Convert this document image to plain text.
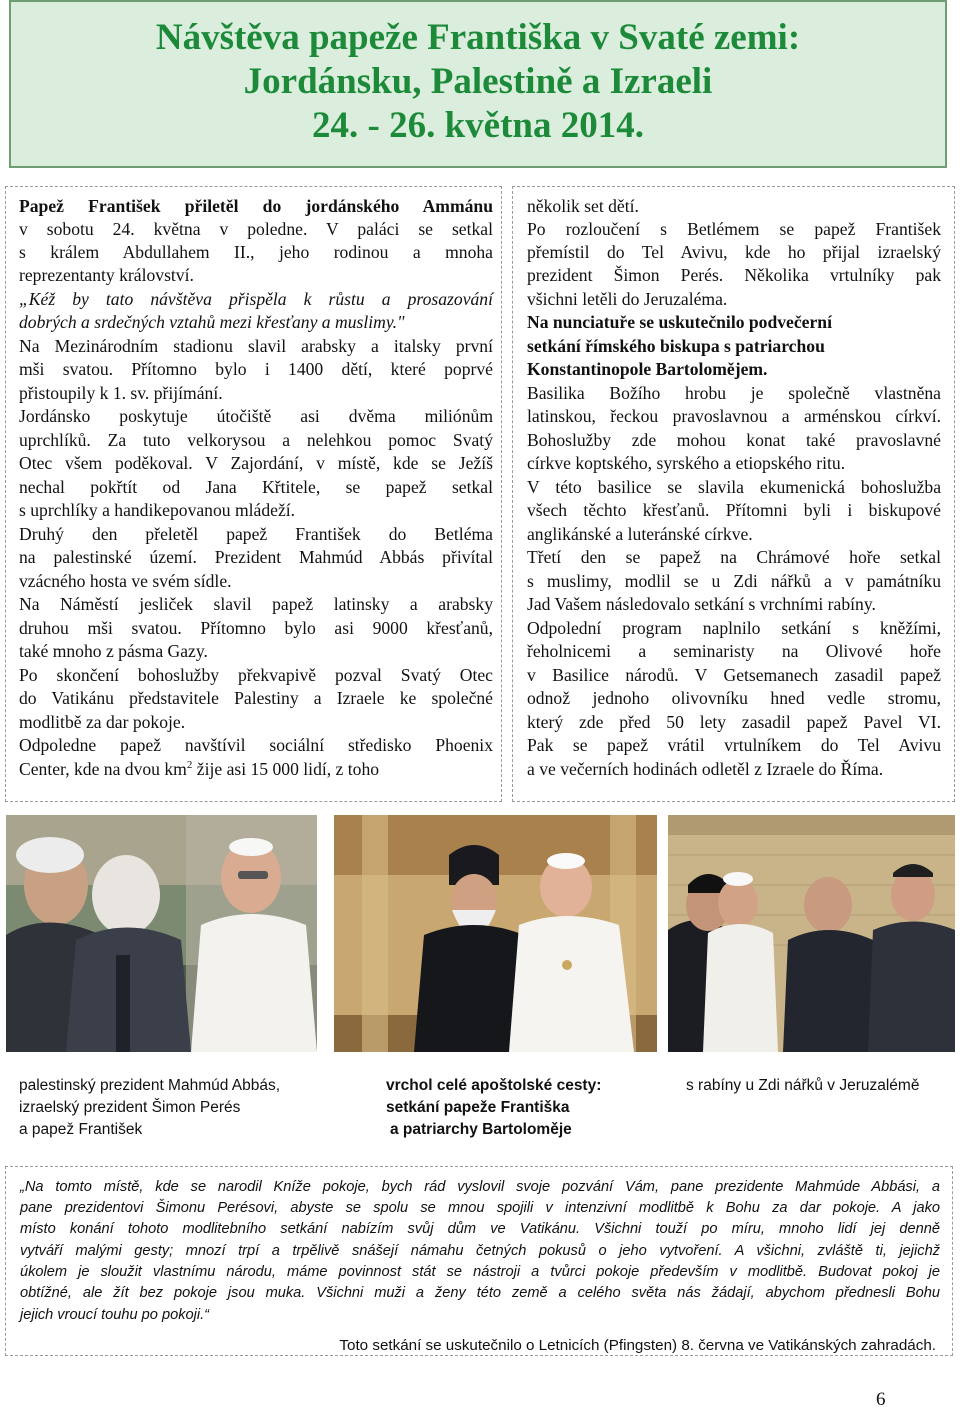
Návštěva papeže Františka v Svaté zemi:
Jordánsku, Palestině a Izraeli
24. - 26. května 2014.
Papež František přiletěl do jordánského Ammánu
v sobotu 24. května v poledne. V paláci se setkal
s králem Abdullahem II., jeho rodinou a mnoha
reprezentanty království.
„Kéž by tato návštěva přispěla k růstu a prosazování
dobrých a srdečných vztahů mezi křesťany a muslimy."
Na Mezinárodním stadionu slavil arabsky a italsky první
mši svatou. Přítomno bylo i 1400 dětí, které poprvé
přistoupily k 1. sv. přijímání.
Jordánsko poskytuje útočiště asi dvěma miliónům
uprchlíků. Za tuto velkorysou a nelehkou pomoc Svatý
Otec všem poděkoval. V Zajordání, v místě, kde se Ježíš
nechal pokřtít od Jana Křtitele, se papež setkal
s uprchlíky a handikepovanou mládeží.
Druhý den přeletěl papež František do Betléma
na palestinské území. Prezident Mahmúd Abbás přivítal
vzácného hosta ve svém sídle.
Na Náměstí jesliček slavil papež latinsky a arabsky
druhou mši svatou. Přítomno bylo asi 9000 křesťanů,
také mnoho z pásma Gazy.
Po skončení bohoslužby překvapivě pozval Svatý Otec
do Vatikánu představitele Palestiny a Izraele ke společné
modlitbě za dar pokoje.
Odpoledne papež navštívil sociální středisko Phoenix
Center, kde na dvou $km^2$ žije asi 15 000 lidí, z toho
několik set dětí.
Po rozloučení s Betlémem se papež František
přemístil do Tel Avivu, kde ho přijal izraelský
prezident Šimon Perés. Několika vrtulníky pak
všichni letěli do Jeruzaléma.
Na nunciatuře se uskutečnilo podvečerní
setkání římského biskupa s patriarchou
Konstantinopole Bartolomějem.
Basilika Božího hrobu je společně vlastněna
latinskou, řeckou pravoslavnou a arménskou církví.
Bohoslužby zde mohou konat také pravoslavné
církve koptského, syrského a etiopského ritu.
V této basilice se slavila ekumenická bohoslužba
všech těchto křesťanů. Přítomni byli i biskupové
anglikánské a luteránské církve.
Třetí den se papež na Chrámové hoře setkal
s muslimy, modlil se u Zdi nářků a v památníku
Jad Vašem následovalo setkání s vrchními rabíny.
Odpolední program naplnilo setkání s kněžími,
řeholnicemi a seminaristy na Olivové hoře
v Basilice národů. V Getsemanech zasadil papež
odnož jednoho olivovníku hned vedle stromu,
který zde před 50 lety zasadil papež Pavel VI.
Pak se papež vrátil vrtulníkem do Tel Avivu
a ve večerních hodinách odletěl z Izraele do Říma.
palestinský prezident Mahmúd Abbás,
izraelský prezident Šimon Perés
a papež František
vrchol celé apoštolské cesty:
setkání papeže Františka
a patriarchy Bartoloměje
s rabíny u Zdi nářků v Jeruzalémě
„Na tomto místě, kde se narodil Kníže pokoje, bych rád vyslovil svoje pozvání Vám, pane prezidente Mahmúde Abbási, a
pane prezidentovi Šimonu Perésovi, abyste se spolu se mnou spojili v intenzivní modlitbě k Bohu za dar pokoje. A jako
místo konání tohoto modlitebního setkání nabízím svůj dům ve Vatikánu. Všichni touží po míru, mnoho lidí jej denně
vytváří malými gesty; mnozí trpí a trpělivě snášejí námahu četných pokusů o jeho vytvoření. A všichni, zvláště ti, jejichž
úkolem je sloužit vlastnímu národu, máme povinnost stát se nástroji a tvůrci pokoje především v modlitbě. Budovat pokoj je
obtížné, ale žít bez pokoje jsou muka. Všichni muži a ženy této země a celého světa nás žádají, abychom přednesli Bohu
jejich vroucí touhu po pokoji.“
Toto setkání se uskutečnilo o Letnicích (Pfingsten) 8. června ve Vatikánských zahradách.
6
